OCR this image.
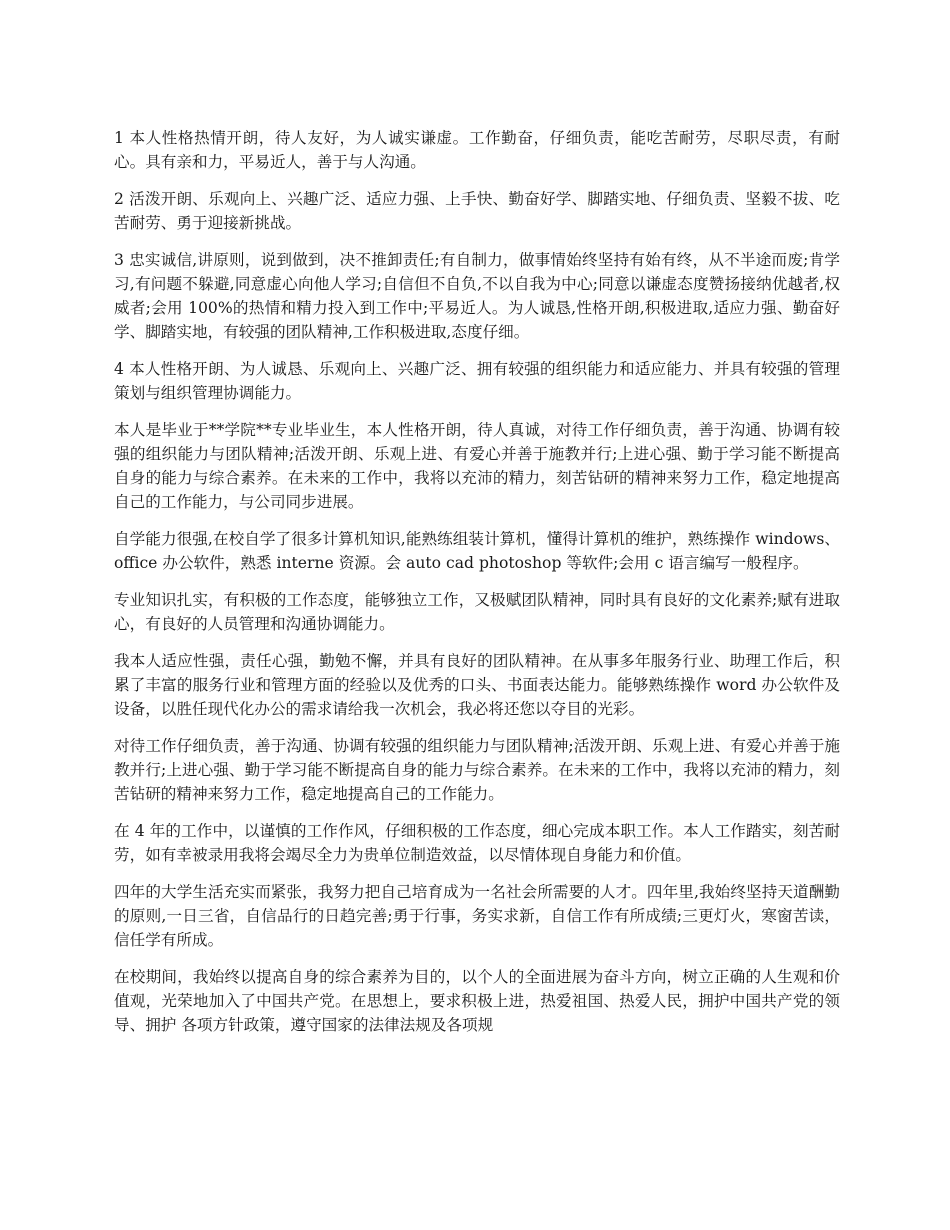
1 本人性格热情开朗，待人友好，为人诚实谦虚。工作勤奋，仔细负责，能吃苦耐劳，尽职尽责，有耐心。具有亲和力，平易近人，善于与人沟通。

2 活泼开朗、乐观向上、兴趣广泛、适应力强、上手快、勤奋好学、脚踏实地、仔细负责、坚毅不拔、吃苦耐劳、勇于迎接新挑战。

3 忠实诚信,讲原则，说到做到，决不推卸责任;有自制力，做事情始终坚持有始有终，从不半途而废;肯学习,有问题不躲避,同意虚心向他人学习;自信但不自负,不以自我为中心;同意以谦虚态度赞扬接纳优越者,权威者;会用 100%的热情和精力投入到工作中;平易近人。为人诚恳,性格开朗,积极进取,适应力强、勤奋好学、脚踏实地，有较强的团队精神,工作积极进取,态度仔细。

4 本人性格开朗、为人诚恳、乐观向上、兴趣广泛、拥有较强的组织能力和适应能力、并具有较强的管理策划与组织管理协调能力。

本人是毕业于**学院**专业毕业生，本人性格开朗，待人真诚，对待工作仔细负责，善于沟通、协调有较强的组织能力与团队精神;活泼开朗、乐观上进、有爱心并善于施教并行;上进心强、勤于学习能不断提高自身的能力与综合素养。在未来的工作中，我将以充沛的精力，刻苦钻研的精神来努力工作，稳定地提高自己的工作能力，与公司同步进展。

自学能力很强,在校自学了很多计算机知识,能熟练组装计算机，懂得计算机的维护，熟练操作 windows、office 办公软件，熟悉 interne 资源。会 auto cad photoshop 等软件;会用 c 语言编写一般程序。

专业知识扎实，有积极的工作态度，能够独立工作，又极赋团队精神，同时具有良好的文化素养;赋有进取心，有良好的人员管理和沟通协调能力。

我本人适应性强，责任心强，勤勉不懈，并具有良好的团队精神。在从事多年服务行业、助理工作后，积累了丰富的服务行业和管理方面的经验以及优秀的口头、书面表达能力。能够熟练操作 word 办公软件及设备，以胜任现代化办公的需求请给我一次机会，我必将还您以夺目的光彩。

对待工作仔细负责，善于沟通、协调有较强的组织能力与团队精神;活泼开朗、乐观上进、有爱心并善于施教并行;上进心强、勤于学习能不断提高自身的能力与综合素养。在未来的工作中，我将以充沛的精力，刻苦钻研的精神来努力工作，稳定地提高自己的工作能力。

在 4 年的工作中，以谨慎的工作作风，仔细积极的工作态度，细心完成本职工作。本人工作踏实，刻苦耐劳，如有幸被录用我将会竭尽全力为贵单位制造效益，以尽情体现自身能力和价值。

四年的大学生活充实而紧张，我努力把自己培育成为一名社会所需要的人才。四年里,我始终坚持天道酬勤的原则,一日三省，自信品行的日趋完善;勇于行事，务实求新，自信工作有所成绩;三更灯火，寒窗苦读，信任学有所成。

在校期间，我始终以提高自身的综合素养为目的，以个人的全面进展为奋斗方向，树立正确的人生观和价值观，光荣地加入了中国共产党。在思想上，要求积极上进，热爱祖国、热爱人民，拥护中国共产党的领导、拥护 各项方针政策，遵守国家的法律法规及各项规
